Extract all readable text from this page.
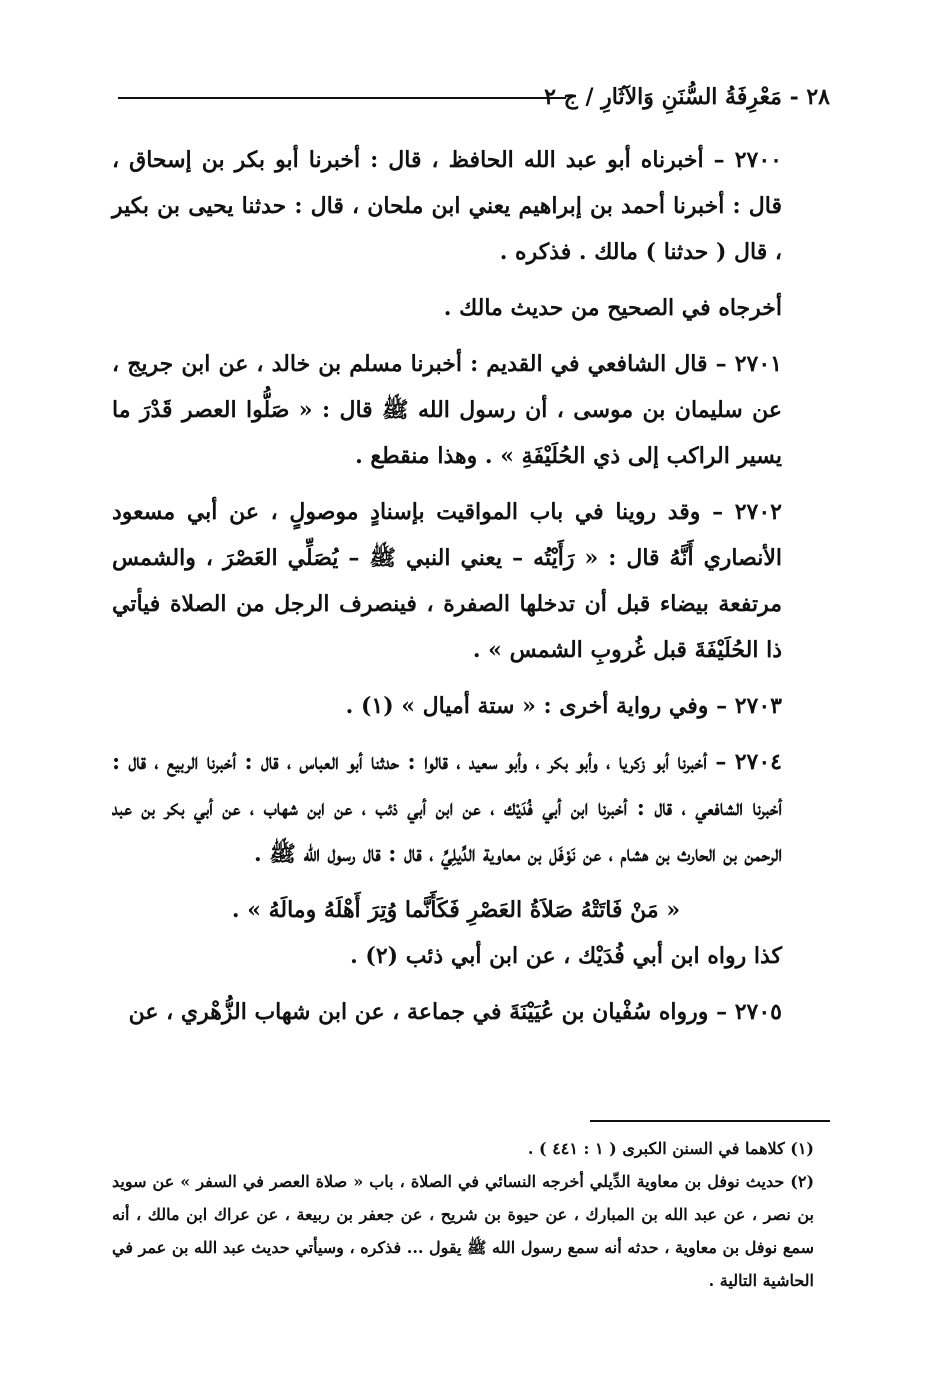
٢٨ - مَعْرِفَةُ السُّنَنِ وَالآثَارِ / ج ٢

٢٧٠٠ – أخبرناه أبو عبد الله الحافظ ، قال : أخبرنا أبو بكر بن إسحاق ، قال : أخبرنا أحمد بن إبراهيم يعني ابن ملحان ، قال : حدثنا يحيى بن بكير ، قال ( حدثنا ) مالك . فذكره .

أخرجاه في الصحيح من حديث مالك .

٢٧٠١ – قال الشافعي في القديم : أخبرنا مسلم بن خالد ، عن ابن جريج ، عن سليمان بن موسى ، أن رسول الله ﷺ قال : « صَلُّوا العصر قَدْرَ ما يسير الراكب إلى ذي الحُلَيْفَةِ » . وهذا منقطع .

٢٧٠٢ – وقد روينا في باب المواقيت بإسنادٍ موصولٍ ، عن أبي مسعود الأنصاري أَنَّهُ قال : « رَأَيْتُه – يعني النبي ﷺ – يُصَلِّي العَصْرَ ، والشمس مرتفعة بيضاء قبل أن تدخلها الصفرة ، فينصرف الرجل من الصلاة فيأتي ذا الحُلَيْفَةَ قبل غُروبِ الشمس » .

٢٧٠٣ – وفي رواية أخرى : « ستة أميال » (١) .

٢٧٠٤ – أخبرنا أبو زكريا ، وأبو بكر ، وأبو سعيد ، قالوا : حدثنا أبو العباس ، قال : أخبرنا الربيع ، قال : أخبرنا الشافعي ، قال : أخبرنا ابن أبي فُدَيْك ، عن ابن أبي ذئب ، عن ابن شهاب ، عن أبي بكر بن عبد الرحمن بن الحارث بن هشام ، عن نَوْفَل بن معاوية الدِّيلِيِّ ، قال : قال رسول الله ﷺ .

« مَنْ فَاتَتْهُ صَلاَةُ العَصْرِ فَكَأَنَّما وُتِرَ أَهْلَهُ ومالَهُ » .

كذا رواه ابن أبي فُدَيْك ، عن ابن أبي ذئب (٢) .

٢٧٠٥ – ورواه سُفْيان بن عُيَيْنَةَ في جماعة ، عن ابن شهاب الزُّهْري ، عن

(١) كلاهما في السنن الكبرى ( ١ : ٤٤١ ) .

(٢) حديث نوفل بن معاوية الدِّيلي أخرجه النسائي في الصلاة ، باب « صلاة العصر في السفر » عن سويد بن نصر ، عن عبد الله بن المبارك ، عن حيوة بن شريح ، عن جعفر بن ربيعة ، عن عراك ابن مالك ، أنه سمع نوفل بن معاوية ، حدثه أنه سمع رسول الله ﷺ يقول ... فذكره ، وسيأتي حديث عبد الله بن عمر في الحاشية التالية .
